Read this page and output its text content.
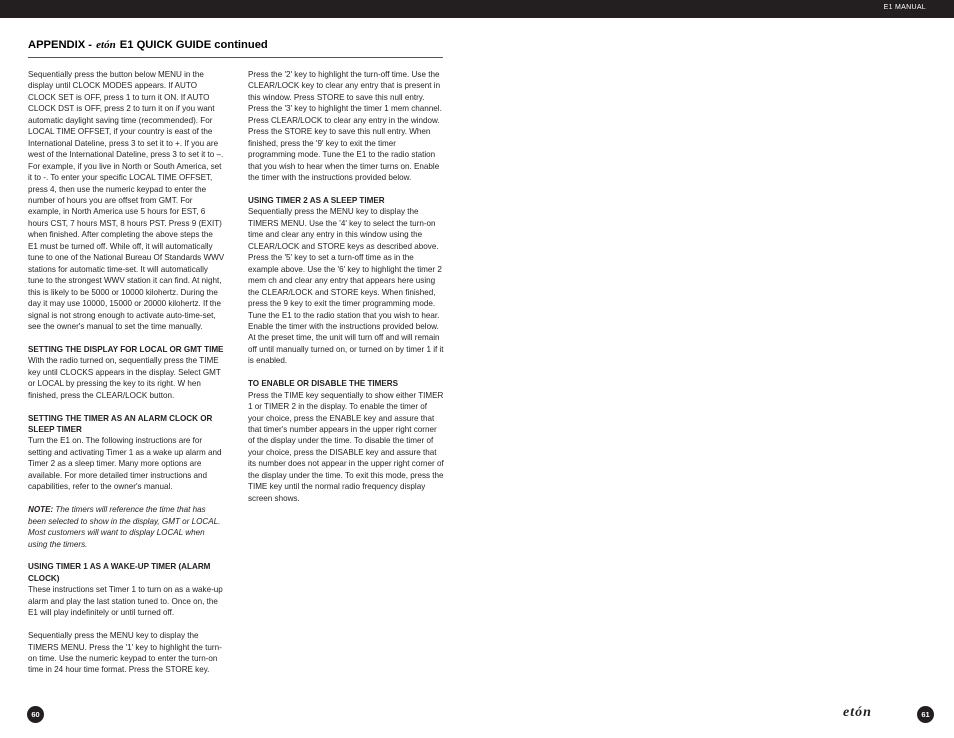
E1 MANUAL
APPENDIX - etón E1 QUICK GUIDE continued

Sequentially press the button below MENU in the display until CLOCK MODES appears. If AUTO CLOCK SET is OFF, press 1 to turn it ON. If AUTO CLOCK DST is OFF, press 2 to turn it on if you want automatic daylight saving time (recommended). For LOCAL TIME OFFSET, if your country is east of the International Dateline, press 3 to set it to +. If you are west of the International Dateline, press 3 to set it to –. For example, if you live in North or South America, set it to -. To enter your specific LOCAL TIME OFFSET, press 4, then use the numeric keypad to enter the number of hours you are offset from GMT. For example, in North America use 5 hours for EST, 6 hours CST, 7 hours MST, 8 hours PST. Press 9 (EXIT) when finished. After completing the above steps the E1 must be turned off. While off, it will automatically tune to one of the National Bureau Of Standards WWV stations for automatic time-set. It will automatically tune to the strongest WWV station it can find. At night, this is likely to be 5000 or 10000 kilohertz. During the day it may use 10000, 15000 or 20000 kilohertz. If the signal is not strong enough to activate auto-time-set, see the owner's manual to set the time manually.

SETTING THE DISPLAY FOR LOCAL OR GMT TIME

With the radio turned on, sequentially press the TIME key until CLOCKS appears in the display. Select GMT or LOCAL by pressing the key to its right. W hen finished, press the CLEAR/LOCK button.

SETTING THE TIMER AS AN ALARM CLOCK OR SLEEP TIMER

Turn the E1 on. The following instructions are for setting and activating Timer 1 as a wake up alarm and Timer 2 as a sleep timer. Many more options are available. For more detailed timer instructions and capabilities, refer to the owner's manual.

NOTE: The timers will reference the time that has been selected to show in the display, GMT or LOCAL. Most customers will want to display LOCAL when using the timers.

USING TIMER 1 AS A WAKE-UP TIMER (ALARM CLOCK)

These instructions set Timer 1 to turn on as a wake-up alarm and play the last station tuned to. Once on, the E1 will play indefinitely or until turned off.

Sequentially press the MENU key to display the TIMERS MENU. Press the '1' key to highlight the turn-on time. Use the numeric keypad to enter the turn-on time in 24 hour time format. Press the STORE key.

Press the '2' key to highlight the turn-off time. Use the CLEAR/LOCK key to clear any entry that is present in this window. Press STORE to save this null entry. Press the '3' key to highlight the timer 1 mem channel. Press CLEAR/LOCK to clear any entry in the window. Press the STORE key to save this null entry. When finished, press the '9' key to exit the timer programming mode. Tune the E1 to the radio station that you wish to hear when the timer turns on. Enable the timer with the instructions provided below.

USING TIMER 2 AS A SLEEP TIMER

Sequentially press the MENU key to display the TIMERS MENU. Use the '4' key to select the turn-on time and clear any entry in this window using the CLEAR/LOCK and STORE keys as described above. Press the '5' key to set a turn-off time as in the example above. Use the '6' key to highlight the timer 2 mem ch and clear any entry that appears here using the CLEAR/LOCK and STORE keys. When finished, press the 9 key to exit the timer programming mode. Tune the E1 to the radio station that you wish to hear. Enable the timer with the instructions provided below. At the preset time, the unit will turn off and will remain off until manually turned on, or turned on by timer 1 if it is enabled.

TO ENABLE OR DISABLE THE TIMERS

Press the TIME key sequentially to show either TIMER 1 or TIMER 2 in the display. To enable the timer of your choice, press the ENABLE key and assure that that timer's number appears in the upper right corner of the display under the time. To disable the timer of your choice, press the DISABLE key and assure that its number does not appear in the upper right corner of the display under the time. To exit this mode, press the TIME key until the normal radio frequency display screen shows.

60	etón	61
